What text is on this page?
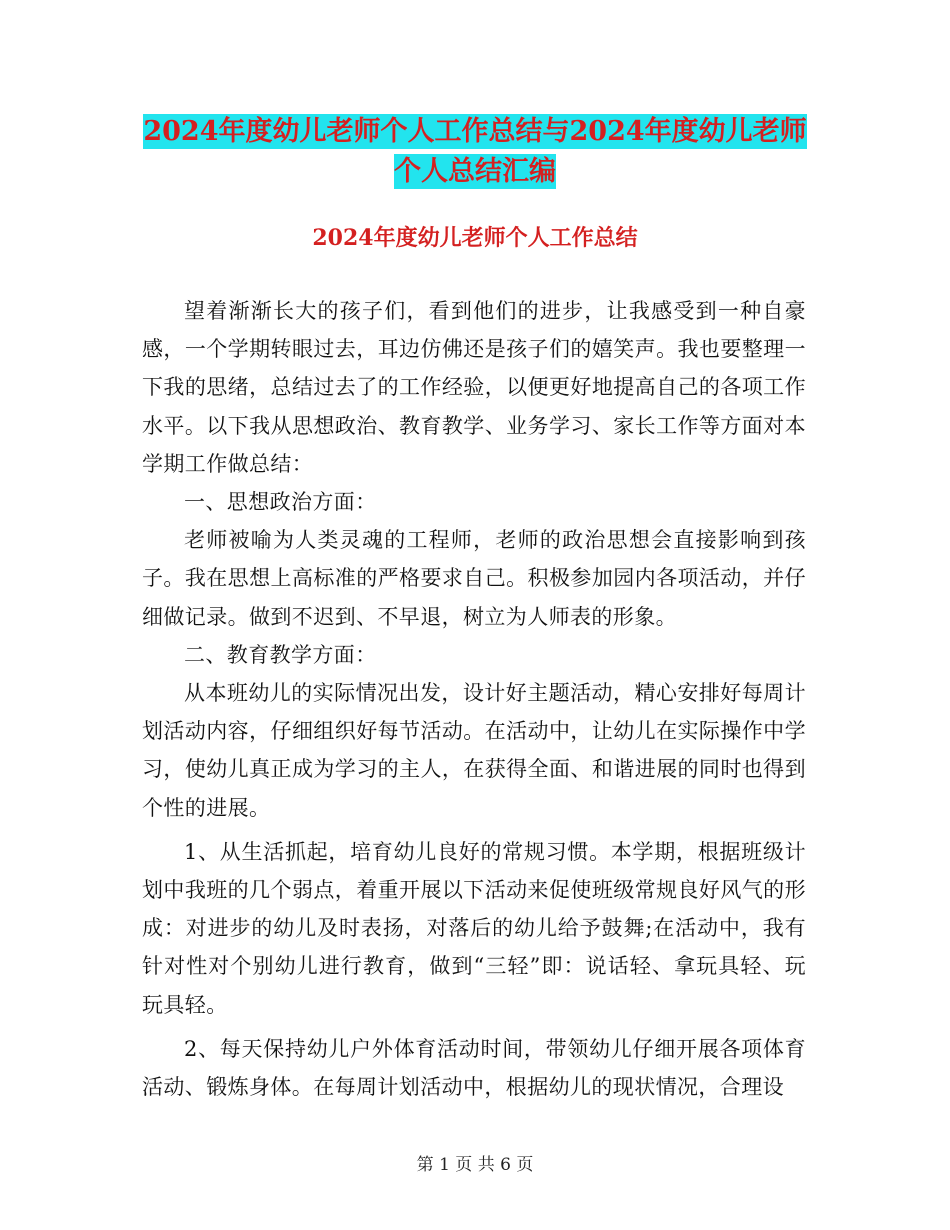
2024年度幼儿老师个人工作总结与2024年度幼儿老师
个人总结汇编
2024年度幼儿老师个人工作总结

望着渐渐长大的孩子们，看到他们的进步，让我感受到一种自豪感，一个学期转眼过去，耳边仿佛还是孩子们的嬉笑声。我也要整理一下我的思绪，总结过去了的工作经验，以便更好地提高自己的各项工作水平。以下我从思想政治、教育教学、业务学习、家长工作等方面对本学期工作做总结：

一、思想政治方面：

老师被喻为人类灵魂的工程师，老师的政治思想会直接影响到孩子。我在思想上高标准的严格要求自己。积极参加园内各项活动，并仔细做记录。做到不迟到、不早退，树立为人师表的形象。

二、教育教学方面：

从本班幼儿的实际情况出发，设计好主题活动，精心安排好每周计划活动内容，仔细组织好每节活动。在活动中，让幼儿在实际操作中学习，使幼儿真正成为学习的主人，在获得全面、和谐进展的同时也得到个性的进展。

1、从生活抓起，培育幼儿良好的常规习惯。本学期，根据班级计划中我班的几个弱点，着重开展以下活动来促使班级常规良好风气的形成：对进步的幼儿及时表扬，对落后的幼儿给予鼓舞;在活动中，我有针对性对个别幼儿进行教育，做到“三轻”即：说话轻、拿玩具轻、玩玩具轻。

2、每天保持幼儿户外体育活动时间，带领幼儿仔细开展各项体育活动、锻炼身体。在每周计划活动中，根据幼儿的现状情况，合理设

第 1 页 共 6 页
